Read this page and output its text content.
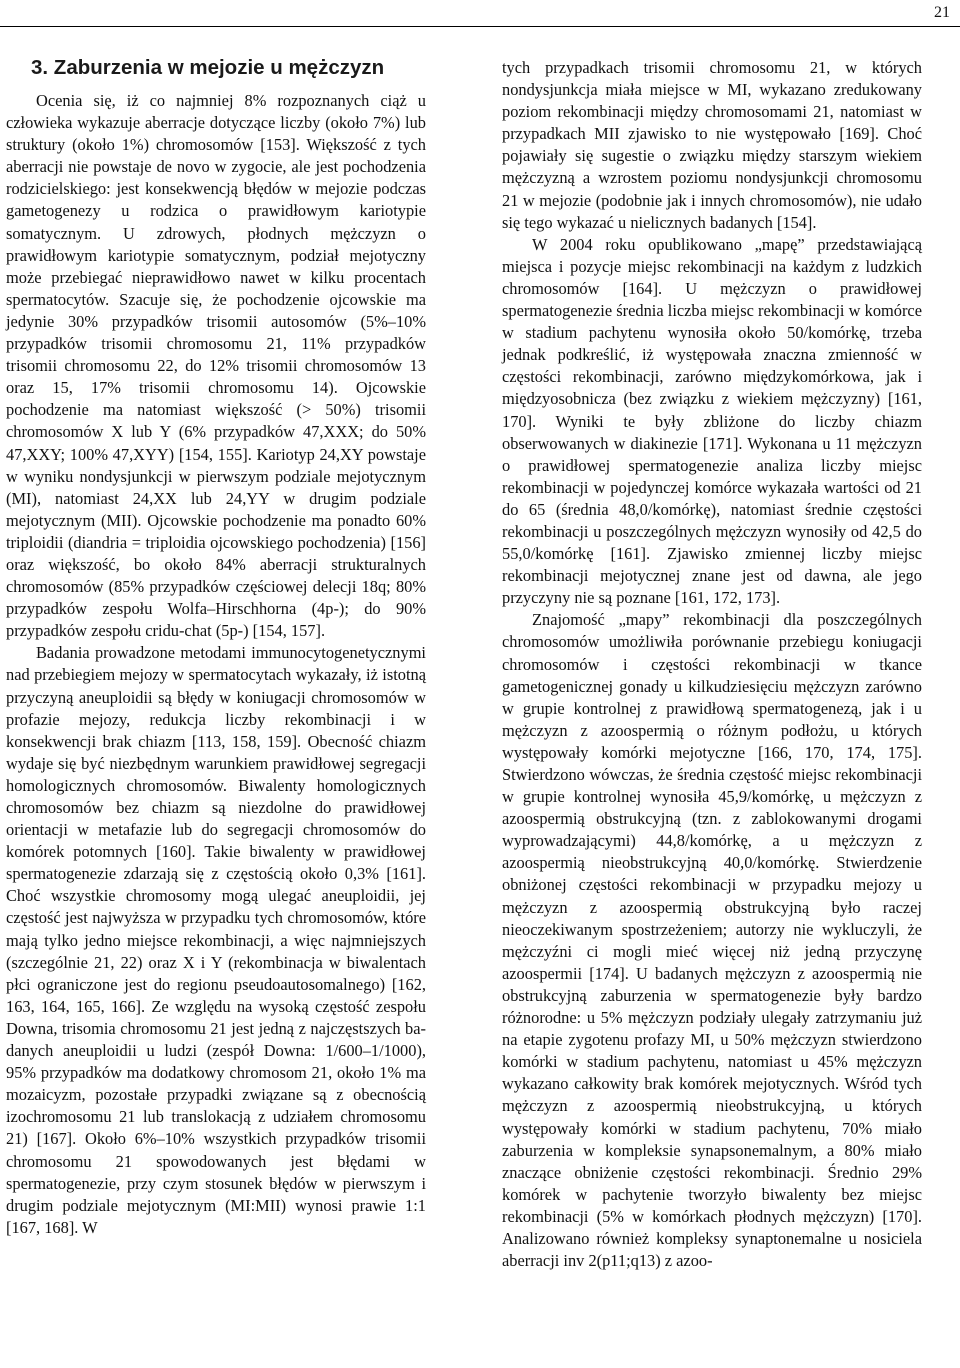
21
3. Zaburzenia w mejozie u mężczyzn

Ocenia się, iż co najmniej 8% rozpoznanych ciąż u człowieka wykazuje aberracje dotyczące liczby (około 7%) lub struktury (około 1%) chromosomów [153]. Większość z tych aberracji nie powstaje de novo w zygocie, ale jest pochodzenia rodzicielskiego: jest konsekwencją błędów w mejozie podczas gametogenezy u rodzica o prawidłowym kariotypie somatycznym. U zdrowych, płodnych mężczyzn o prawidłowym kariotypie somatycznym, podział mejotyczny może przebiegać nieprawidłowo nawet w kilku procentach spermatocytów. Szacuje się, że pochodzenie ojcowskie ma jedynie 30% przypadków trisomii autosomów (5%–10% przypadków trisomii chromosomu 21, 11% przypadków trisomii chromosomu 22, do 12% trisomii chromosomów 13 oraz 15, 17% trisomii chromosomu 14). Ojcowskie pochodzenie ma natomiast większość (> 50%) trisomii chromosomów X lub Y (6% przypadków 47,XXX; do 50% 47,XXY; 100% 47,XYY) [154, 155]. Kariotyp 24,XY powstaje w wyniku nondysjunkcji w pierwszym podziale mejotycznym (MI), natomiast 24,XX lub 24,YY w drugim podziale mejotycznym (MII). Ojcowskie pochodzenie ma ponadto 60% triploidii (diandria = triploidia ojcowskiego pochodzenia) [156] oraz większość, bo około 84% aberracji strukturalnych chromosomów (85% przypadków częściowej delecji 18q; 80% przypadków zespołu Wolfa–Hirschhorna (4p-); do 90% przypadków zespołu cridu-chat (5p-) [154, 157].

Badania prowadzone metodami immunocytogenetycznymi nad przebiegiem mejozy w spermatocytach wykazały, iż istotną przyczyną aneuploidii są błędy w koniugacji chromosomów w profazie mejozy, redukcja liczby rekombinacji i w konsekwencji brak chiazm [113, 158, 159]. Obecność chiazm wydaje się być niezbędnym warunkiem prawidłowej segregacji homologicznych chromosomów. Biwalenty homologicznych chromosomów bez chiazm są niezdolne do prawidłowej orientacji w metafazie lub do segregacji chromosomów do komórek potomnych [160]. Takie biwalenty w prawidłowej spermatogenezie zdarzają się z częstością około 0,3% [161]. Choć wszystkie chromosomy mogą ulegać aneuploidii, jej częstość jest najwyższa w przypadku tych chromosomów, które mają tylko jedno miejsce rekombinacji, a więc najmniejszych (szczególnie 21, 22) oraz X i Y (rekombinacja w biwalentach płci ograniczone jest do regionu pseudoautosomalnego) [162, 163, 164, 165, 166]. Ze względu na wysoką częstość zespołu Downa, trisomia chromosomu 21 jest jedną z najczęstszych badanych aneuploidii u ludzi (zespół Downa: 1/600–1/1000), 95% przypadków ma dodatkowy chromosom 21, około 1% ma mozaicyzm, pozostałe przypadki związane są z obecnością izochromosomu 21 lub translokacją z udziałem chromosomu 21) [167]. Około 6%–10% wszystkich przypadków trisomii chromosomu 21 spowodowanych jest błędami w spermatogenezie, przy czym stosunek błędów w pierwszym i drugim podziale mejotycznym (MI:MII) wynosi prawie 1:1 [167, 168]. W

tych przypadkach trisomii chromosomu 21, w których nondysjunkcja miała miejsce w MI, wykazano zredukowany poziom rekombinacji między chromosomami 21, natomiast w przypadkach MII zjawisko to nie występowało [169]. Choć pojawiały się sugestie o związku między starszym wiekiem mężczyzną a wzrostem poziomu nondysjunkcji chromosomu 21 w mejozie (podobnie jak i innych chromosomów), nie udało się tego wykazać u nielicznych badanych [154].

W 2004 roku opublikowano „mapę” przedstawiającą miejsca i pozycje miejsc rekombinacji na każdym z ludzkich chromosomów [164]. U mężczyzn o prawidłowej spermatogenezie średnia liczba miejsc rekombinacji w komórce w stadium pachytenu wynosiła około 50/komórkę, trzeba jednak podkreślić, iż występowała znaczna zmienność w częstości rekombinacji, zarówno międzykomórkowa, jak i międzyosobnicza (bez związku z wiekiem mężczyzny) [161, 170]. Wyniki te były zbliżone do liczby chiazm obserwowanych w diakinezie [171]. Wykonana u 11 mężczyzn o prawidłowej spermatogenezie analiza liczby miejsc rekombinacji w pojedynczej komórce wykazała wartości od 21 do 65 (średnia 48,0/komórkę), natomiast średnie częstości rekombinacji u poszczególnych mężczyzn wynosiły od 42,5 do 55,0/komórkę [161]. Zjawisko zmiennej liczby miejsc rekombinacji mejotycznej znane jest od dawna, ale jego przyczyny nie są poznane [161, 172, 173].

Znajomość „mapy” rekombinacji dla poszczególnych chromosomów umożliwiła porównanie przebiegu koniugacji chromosomów i częstości rekombinacji w tkance gametogenicznej gonady u kilkudziesięciu mężczyzn zarówno w grupie kontrolnej z prawidłową spermatogenezą, jak i u mężczyzn z azoospermią o różnym podłożu, u których występowały komórki mejotyczne [166, 170, 174, 175]. Stwierdzono wówczas, że średnia częstość miejsc rekombinacji w grupie kontrolnej wynosiła 45,9/komórkę, u mężczyzn z azoospermią obstrukcyjną (tzn. z zablokowanymi drogami wyprowadzającymi) 44,8/komórkę, a u mężczyzn z azoospermią nieobstrukcyjną 40,0/komórkę. Stwierdzenie obniżonej częstości rekombinacji w przypadku mejozy u mężczyzn z azoospermią obstrukcyjną było raczej nieoczekiwanym spostrzeżeniem; autorzy nie wykluczyli, że mężczyźni ci mogli mieć więcej niż jedną przyczynę azoospermii [174]. U badanych mężczyzn z azoospermią nie obstrukcyjną zaburzenia w spermatogenezie były bardzo różnorodne: u 5% mężczyzn podziały ulegały zatrzymaniu już na etapie zygotenu profazy MI, u 50% mężczyzn stwierdzono komórki w stadium pachytenu, natomiast u 45% mężczyzn wykazano całkowity brak komórek mejotycznych. Wśród tych mężczyzn z azoospermią nieobstrukcyjną, u których występowały komórki w stadium pachytenu, 70% miało zaburzenia w kompleksie synapsonemalnym, a 80% miało znaczące obniżenie częstości rekombinacji. Średnio 29% komórek w pachytenie tworzyło biwalenty bez miejsc rekombinacji (5% w komórkach płodnych mężczyzn) [170]. Analizowano również kompleksy synaptonemalne u nosiciela aberracji inv 2(p11;q13) z azoo-
